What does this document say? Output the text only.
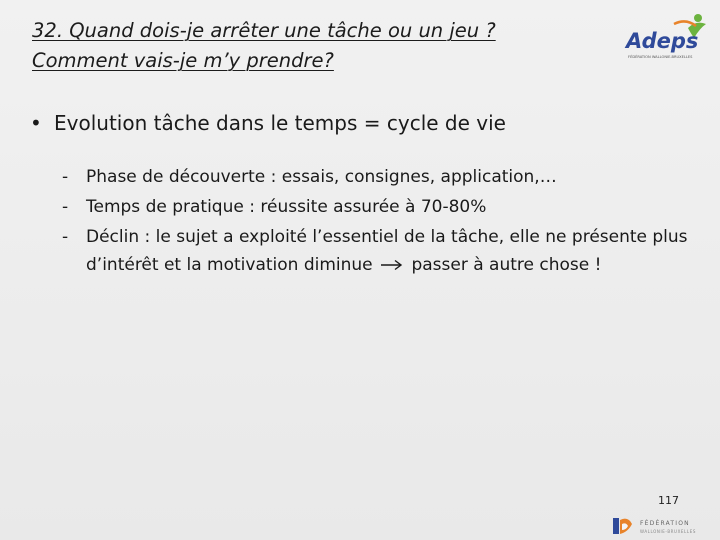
32. Quand dois-je arrêter une tâche ou un jeu ?
Comment vais-je m’y prendre?
Adeps
FÉDÉRATION WALLONIE-BRUXELLES
• Evolution tâche dans le temps = cycle de vie
- Phase de découverte : essais, consignes, application,…
- Temps de pratique : réussite assurée à 70-80%
- Déclin : le sujet a exploité l’essentiel de la tâche, elle ne présente plus d’intérêt et la motivation diminue passer à autre chose !
117
FÉDÉRATION
WALLONIE-BRUXELLES
